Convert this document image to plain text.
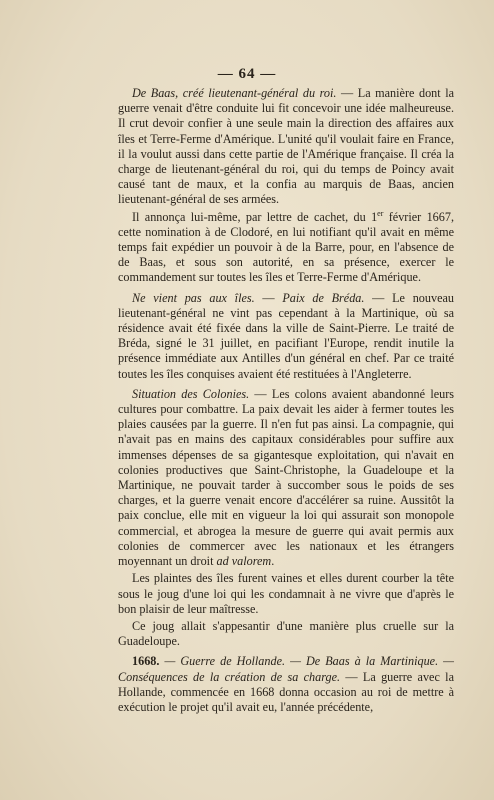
— 64 —

De Baas, créé lieutenant-général du roi. — La manière dont la guerre venait d'être conduite lui fit concevoir une idée malheureuse. Il crut devoir confier à une seule main la direction des affaires aux îles et Terre-Ferme d'Amérique. L'unité qu'il voulait faire en France, il la voulut aussi dans cette partie de l'Amérique française. Il créa la charge de lieutenant-général du roi, qui du temps de Poincy avait causé tant de maux, et la confia au marquis de Baas, ancien lieutenant-général de ses armées.

Il annonça lui-même, par lettre de cachet, du 1er février 1667, cette nomination à de Clodoré, en lui notifiant qu'il avait en même temps fait expédier un pouvoir à de la Barre, pour, en l'absence de de Baas, et sous son autorité, en sa présence, exercer le commandement sur toutes les îles et Terre-Ferme d'Amérique.

Ne vient pas aux îles. — Paix de Bréda. — Le nouveau lieutenant-général ne vint pas cependant à la Martinique, où sa résidence avait été fixée dans la ville de Saint-Pierre. Le traité de Bréda, signé le 31 juillet, en pacifiant l'Europe, rendit inutile la présence immédiate aux Antilles d'un général en chef. Par ce traité toutes les îles conquises avaient été restituées à l'Angleterre.

Situation des Colonies. — Les colons avaient abandonné leurs cultures pour combattre. La paix devait les aider à fermer toutes les plaies causées par la guerre. Il n'en fut pas ainsi. La compagnie, qui n'avait pas en mains des capitaux considérables pour suffire aux immenses dépenses de sa gigantesque exploitation, qui n'avait en colonies productives que Saint-Christophe, la Guadeloupe et la Martinique, ne pouvait tarder à succomber sous le poids de ses charges, et la guerre venait encore d'accélérer sa ruine. Aussitôt la paix conclue, elle mit en vigueur la loi qui assurait son monopole commercial, et abrogea la mesure de guerre qui avait permis aux colonies de commercer avec les nationaux et les étrangers moyennant un droit ad valorem.

Les plaintes des îles furent vaines et elles durent courber la tête sous le joug d'une loi qui les condamnait à ne vivre que d'après le bon plaisir de leur maîtresse.

Ce joug allait s'appesantir d'une manière plus cruelle sur la Guadeloupe.

1668. — Guerre de Hollande. — De Baas à la Martinique. — Conséquences de la création de sa charge. — La guerre avec la Hollande, commencée en 1668 donna occasion au roi de mettre à exécution le projet qu'il avait eu, l'année précédente,
